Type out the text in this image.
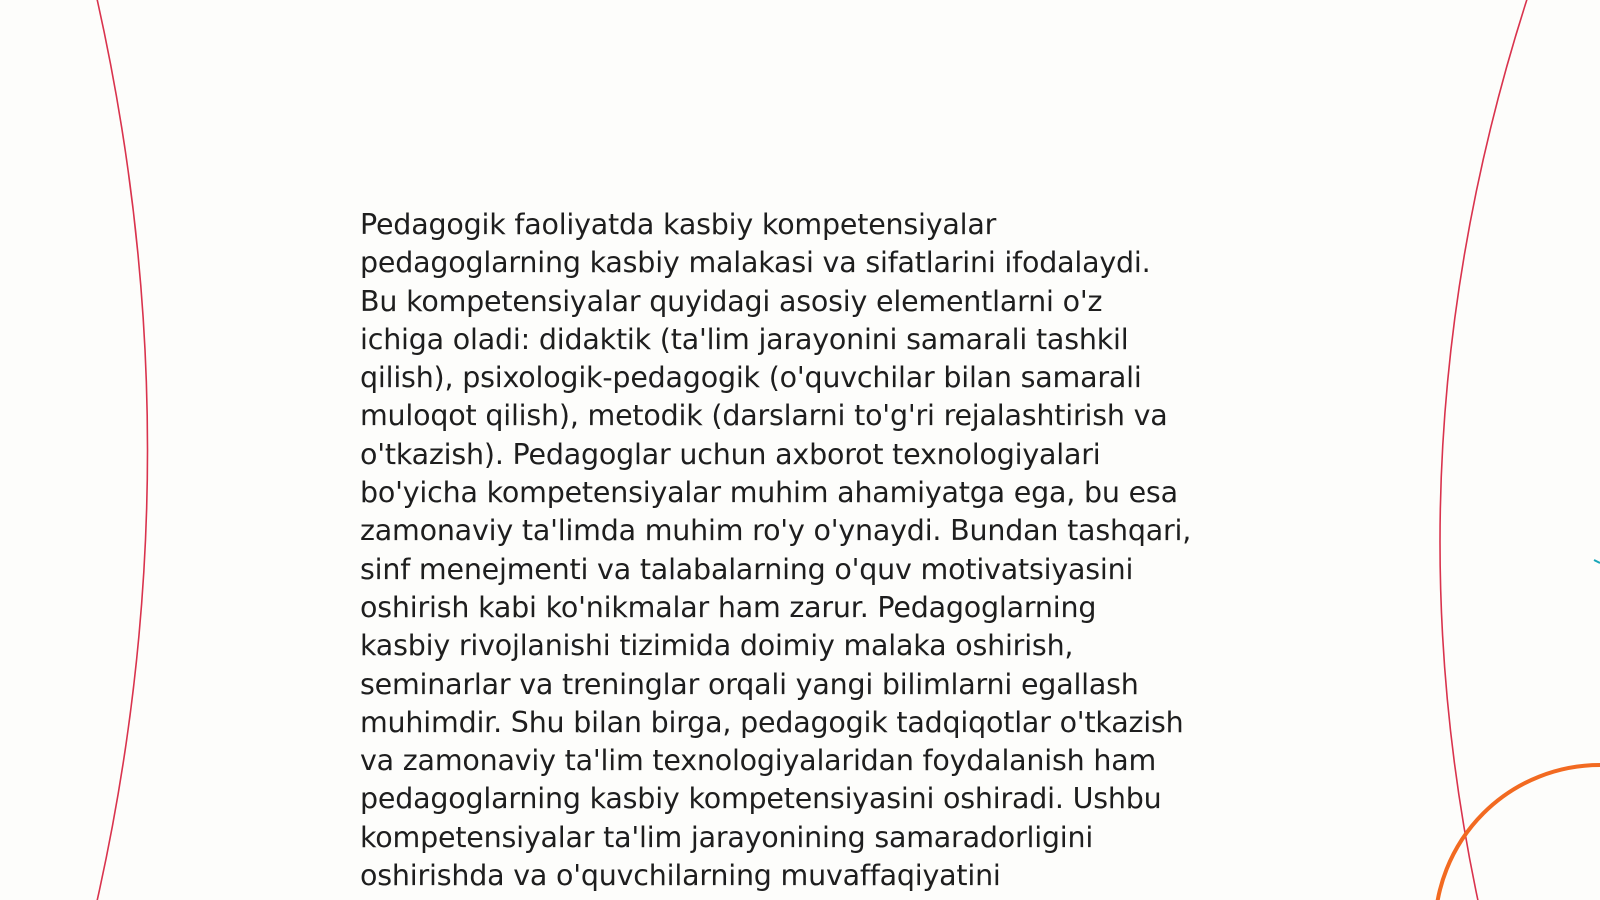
Pedagogik faoliyatda kasbiy kompetensiyalar
pedagoglarning kasbiy malakasi va sifatlarini ifodalaydi.
Bu kompetensiyalar quyidagi asosiy elementlarni o'z
ichiga oladi: didaktik (ta'lim jarayonini samarali tashkil
qilish), psixologik-pedagogik (o'quvchilar bilan samarali
muloqot qilish), metodik (darslarni to'g'ri rejalashtirish va
o'tkazish). Pedagoglar uchun axborot texnologiyalari
bo'yicha kompetensiyalar muhim ahamiyatga ega, bu esa
zamonaviy ta'limda muhim ro'y o'ynaydi. Bundan tashqari,
sinf menejmenti va talabalarning o'quv motivatsiyasini
oshirish kabi ko'nikmalar ham zarur. Pedagoglarning
kasbiy rivojlanishi tizimida doimiy malaka oshirish,
seminarlar va treninglar orqali yangi bilimlarni egallash
muhimdir. Shu bilan birga, pedagogik tadqiqotlar o'tkazish
va zamonaviy ta'lim texnologiyalaridan foydalanish ham
pedagoglarning kasbiy kompetensiyasini oshiradi. Ushbu
kompetensiyalar ta'lim jarayonining samaradorligini
oshirishda va o'quvchilarning muvaffaqiyatini
